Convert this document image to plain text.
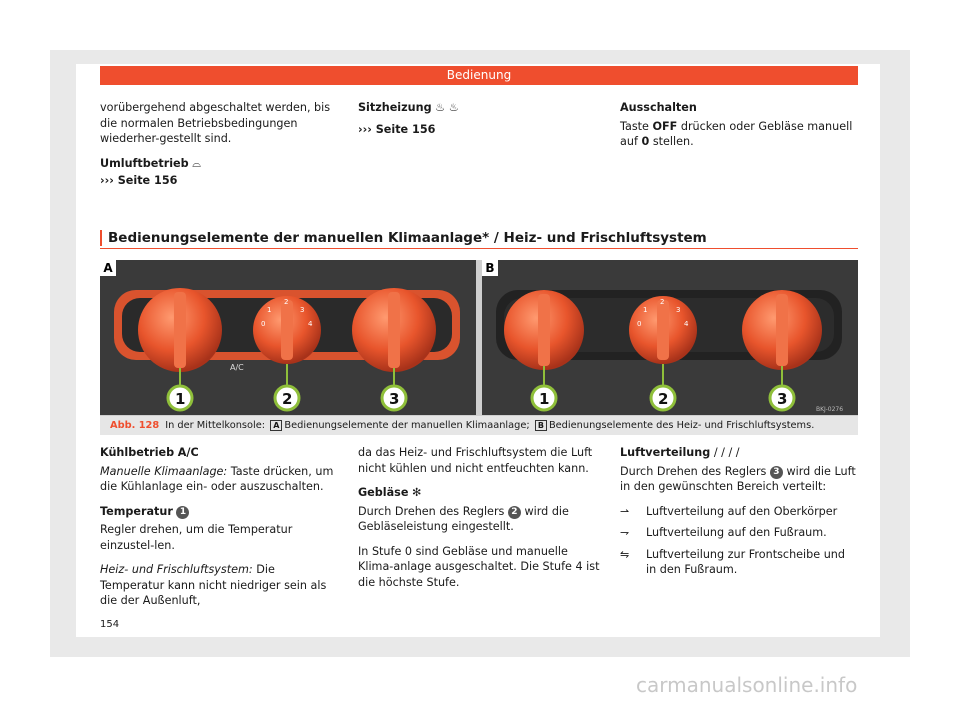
Bedienung

vorübergehend abgeschaltet werden, bis die normalen Betriebsbedingungen wiederher-gestellt sind.

Umluftbetrieb ⌓

››› Seite 156

Sitzheizung ♨ ♨

››› Seite 156

Ausschalten

Taste OFF drücken oder Gebläse manuell auf 0 stellen.

Bedienungselemente der manuellen Klimaanlage* / Heiz- und Frischluftsystem
A
A/C
0
1
2
3
4
1	2	3
B
0
1
2
3
4
1	2	3
BKJ-0276
Abb. 128 In der Mittelkonsole: A Bedienungselemente der manuellen Klimaanlage; B Bedienungselemente des Heiz- und Frischluftsystems.

Kühlbetrieb A/C

Manuelle Klimaanlage: Taste drücken, um die Kühlanlage ein- oder auszuschalten.

Temperatur 1

Regler drehen, um die Temperatur einzustel-len.

Heiz- und Frischluftsystem: Die Temperatur kann nicht niedriger sein als die der Außenluft,

da das Heiz- und Frischluftsystem die Luft nicht kühlen und nicht entfeuchten kann.

Gebläse ✻

Durch Drehen des Reglers 2 wird die Gebläseleistung eingestellt.

In Stufe 0 sind Gebläse und manuelle Klima-anlage ausgeschaltet. Die Stufe 4 ist die höchste Stufe.

Luftverteilung / / / /

Durch Drehen des Reglers 3 wird die Luft in den gewünschten Bereich verteilt:

⇀	Luftverteilung auf den Oberkörper
⇁	Luftverteilung auf den Fußraum.
⇋	Luftverteilung zur Frontscheibe und in den Fußraum.
154
carmanualsonline.info
